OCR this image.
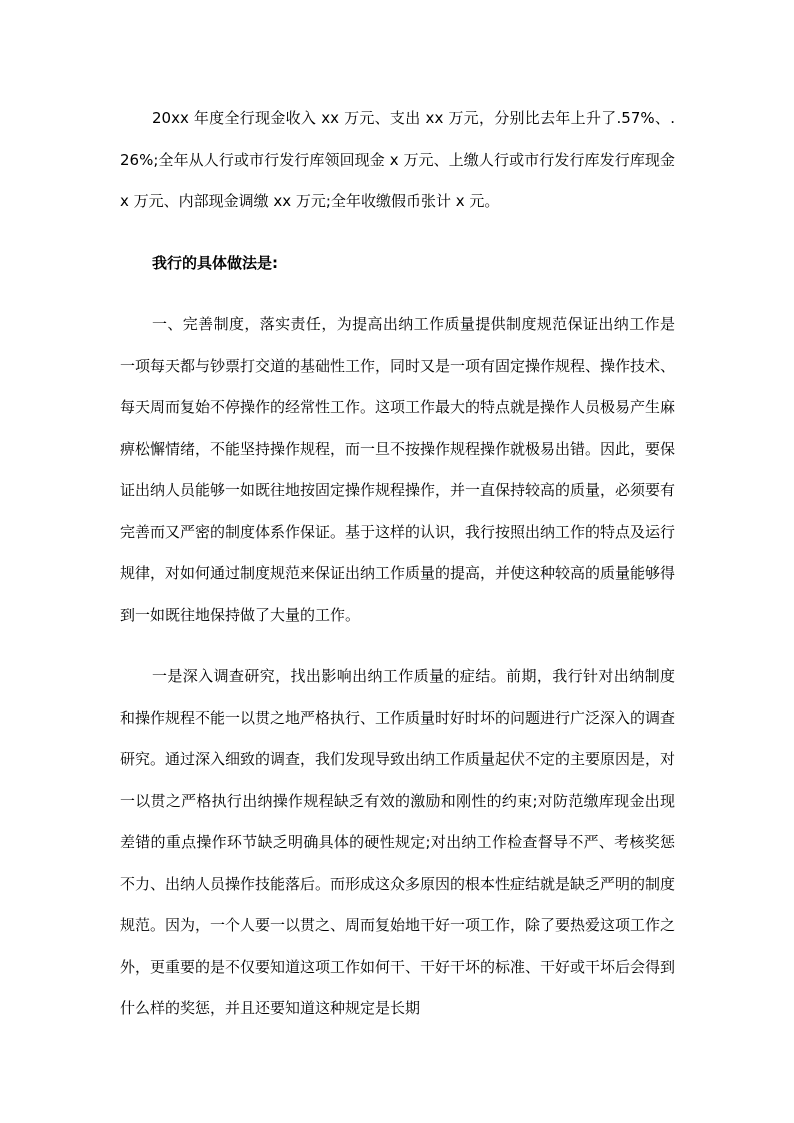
20xx 年度全行现金收入 xx 万元、支出 xx 万元，分别比去年上升了.57%、.26%;全年从人行或市行发行库领回现金 x 万元、上缴人行或市行发行库发行库现金 x 万元、内部现金调缴 xx 万元;全年收缴假币张计 x 元。

我行的具体做法是:

一、完善制度，落实责任，为提高出纳工作质量提供制度规范保证出纳工作是一项每天都与钞票打交道的基础性工作，同时又是一项有固定操作规程、操作技术、每天周而复始不停操作的经常性工作。这项工作最大的特点就是操作人员极易产生麻痹松懈情绪，不能坚持操作规程，而一旦不按操作规程操作就极易出错。因此，要保证出纳人员能够一如既往地按固定操作规程操作，并一直保持较高的质量，必须要有完善而又严密的制度体系作保证。基于这样的认识，我行按照出纳工作的特点及运行规律，对如何通过制度规范来保证出纳工作质量的提高，并使这种较高的质量能够得到一如既往地保持做了大量的工作。

一是深入调查研究，找出影响出纳工作质量的症结。前期，我行针对出纳制度和操作规程不能一以贯之地严格执行、工作质量时好时坏的问题进行广泛深入的调查研究。通过深入细致的调查，我们发现导致出纳工作质量起伏不定的主要原因是，对一以贯之严格执行出纳操作规程缺乏有效的激励和刚性的约束;对防范缴库现金出现差错的重点操作环节缺乏明确具体的硬性规定;对出纳工作检查督导不严、考核奖惩不力、出纳人员操作技能落后。而形成这众多原因的根本性症结就是缺乏严明的制度规范。因为，一个人要一以贯之、周而复始地干好一项工作，除了要热爱这项工作之外，更重要的是不仅要知道这项工作如何干、干好干坏的标准、干好或干坏后会得到什么样的奖惩，并且还要知道这种规定是长期
